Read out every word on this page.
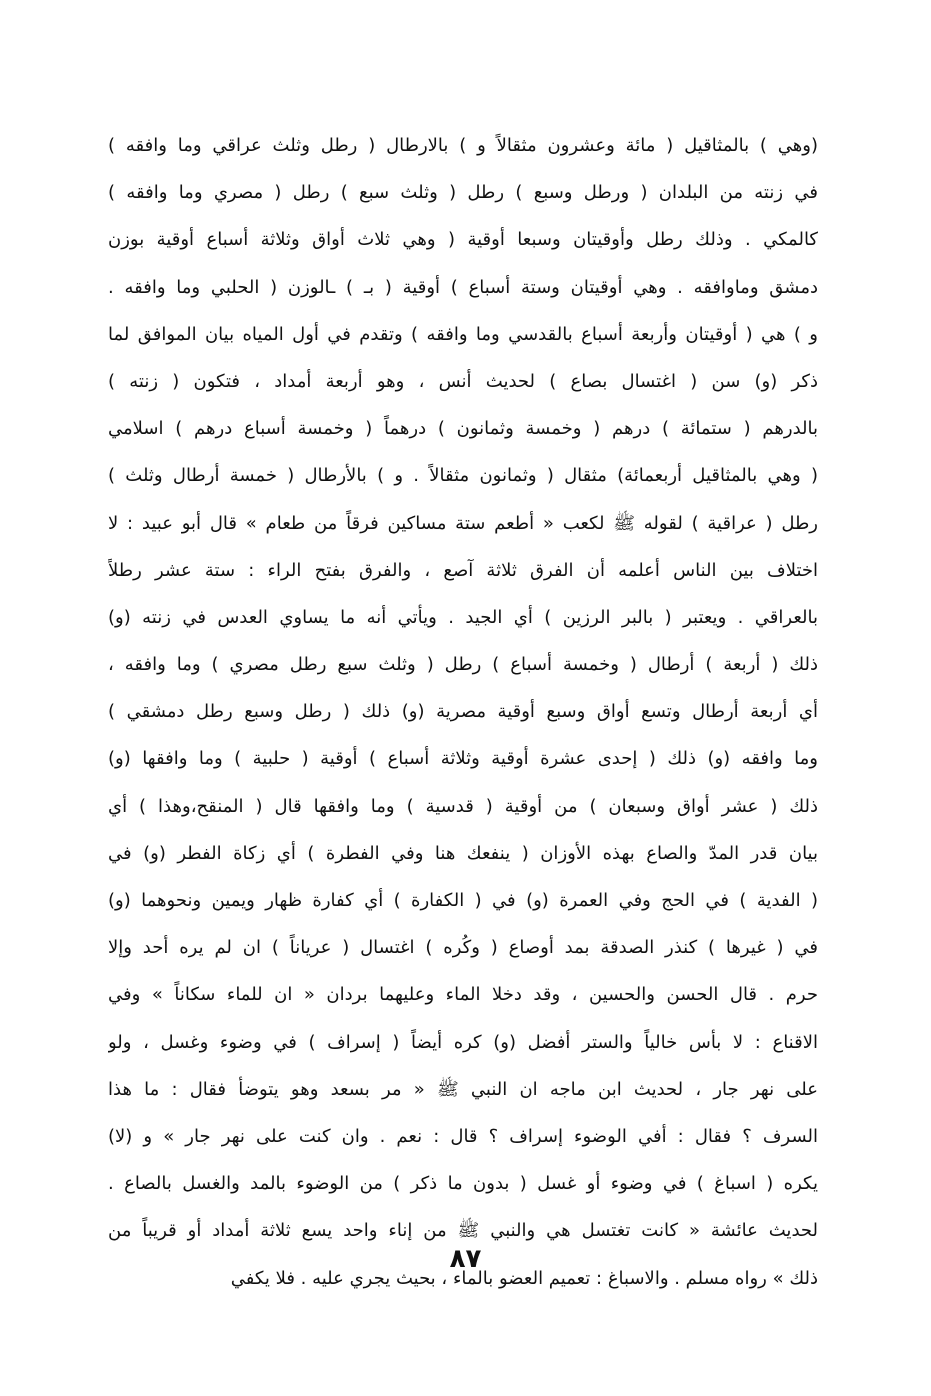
(وهي ) بالمثاقيل ( مائة وعشرون مثقالاً و ) بالارطال ( رطل وثلث عراقي وما وافقه )
في زنته من البلدان ( ورطل وسبع ) رطل ( وثلث سبع ) رطل ( مصري وما وافقه )
كالمكي . وذلك رطل وأوقيتان وسبعا أوقية ( وهي ثلاث أواق وثلاثة أسباع أوقية بوزن
دمشق وماوافقه . وهي أوقيتان وستة أسباع ) أوقية ( بـ ) ـالوزن ( الحلبي وما وافقه .
و ) هي ( أوقيتان وأربعة أسباع بالقدسي وما وافقه ) وتقدم في أول المياه بيان الموافق لما
ذكر (و) سن ( اغتسال بصاع ) لحديث أنس ، وهو أربعة أمداد ، فتكون ( زنته )
بالدرهم ( ستمائة ) درهم ( وخمسة وثمانون ) درهماً ( وخمسة أسباع درهم ) اسلامي
( وهي بالمثاقيل أربعمائة) مثقال ( وثمانون مثقالاً . و ) بالأرطال ( خمسة أرطال وثلث )
رطل ( عراقية ) لقوله ﷺ لكعب « أطعم ستة مساكين فرقاً من طعام » قال أبو عبيد : لا
اختلاف بين الناس أعلمه أن الفرق ثلاثة آصع ، والفرق بفتح الراء : ستة عشر رطلاً
بالعراقي . ويعتبر ( بالبر الرزين ) أي الجيد . ويأتي أنه ما يساوي العدس في زنته (و)
ذلك ( أربعة ) أرطال ( وخمسة أسباع ) رطل ( وثلث سبع رطل مصري ) وما وافقه ،
أي أربعة أرطال وتسع أواق وسبع أوقية مصرية (و) ذلك ( رطل وسبع رطل دمشقي )
وما وافقه (و) ذلك ( إحدى عشرة أوقية وثلاثة أسباع ) أوقية ( حلبية ) وما وافقها (و)
ذلك ( عشر أواق وسبعان ) من أوقية ( قدسية ) وما وافقها قال ( المنقح،وهذا ) أي
بيان قدر المدّ والصاع بهذه الأوزان ( ينفعك هنا وفي الفطرة ) أي زكاة الفطر (و) في
( الفدية ) في الحج وفي العمرة (و) في ( الكفارة ) أي كفارة ظهار ويمين ونحوهما (و)
في ( غيرها ) كنذر الصدقة بمد أوصاع ( وكُره ) اغتسال ( عرياناً ) ان لم يره أحد وإلا
حرم . قال الحسن والحسين ، وقد دخلا الماء وعليهما بردان « ان للماء سكاناً » وفي
الاقناع : لا بأس خالياً والستر أفضل (و) كره أيضاً ( إسراف ) في وضوء وغسل ، ولو
على نهر جار ، لحديث ابن ماجه ان النبي ﷺ « مر بسعد وهو يتوضأ فقال : ما هذا
السرف ؟ فقال : أفي الوضوء إسراف ؟ قال : نعم . وان كنت على نهر جار » و (لا)
يكره ( اسباغ ) في وضوء أو غسل ( بدون ما ذكر ) من الوضوء بالمد والغسل بالصاع .
لحديث عائشة « كانت تغتسل هي والنبي ﷺ من إناء واحد يسع ثلاثة أمداد أو قريباً من
ذلك » رواه مسلم . والاسباغ : تعميم العضو بالماء ، بحيث يجري عليه . فلا يكفي
٨٧
